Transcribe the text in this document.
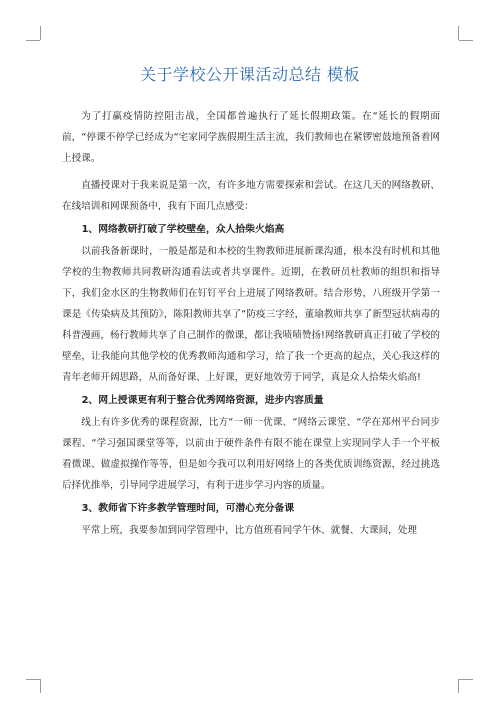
关于学校公开课活动总结 模板

为了打赢疫情防控阻击战，全国都普遍执行了延长假期政策。在“延长的假期面前，“停课不停学已经成为“宅家同学族假期生活主流，我们教师也在紧锣密鼓地预备着网上授课。

直播授课对于我来说是第一次，有许多地方需要探索和尝试。在这几天的网络教研、在线培训和网课预备中，我有下面几点感受：

1、网络教研打破了学校壁垒，众人拾柴火焰高

以前我备新课时，一般是都是和本校的生物教师进展新课沟通，根本没有时机和其他学校的生物教师共同教研沟通看法或者共享课件。近期，在教研员杜教师的组织和指导下，我们金水区的生物教师们在钉钉平台上进展了网络教研。结合形势，八班级开学第一课是《传染病及其预防》，陈阳教师共享了“防疫三字经，董瑜教师共享了新型冠状病毒的科普漫画，杨行教师共享了自己制作的微课，都让我啧啧赞扬!网络教研真正打破了学校的壁垒，让我能向其他学校的优秀教师沟通和学习，给了我一个更高的起点，关心我这样的青年老师开阔思路，从而备好课、上好课，更好地效劳于同学，真是众人拾柴火焰高!

2、网上授课更有利于整合优秀网络资源，进步内容质量

线上有许多优秀的课程资源，比方“一师一优课、“网络云课堂、“学在郑州平台同步课程、“学习强国课堂等等，以前由于硬件条件有限不能在课堂上实现同学人手一个平板看微课、做虚拟操作等等，但是如今我可以利用好网络上的各类优质训练资源，经过挑选后择优推举，引导同学进展学习，有利于进步学习内容的质量。

3、教师省下许多教学管理时间，可潜心充分备课

平常上班，我要参加到同学管理中，比方值班看同学午休、就餐、大课间，处理
